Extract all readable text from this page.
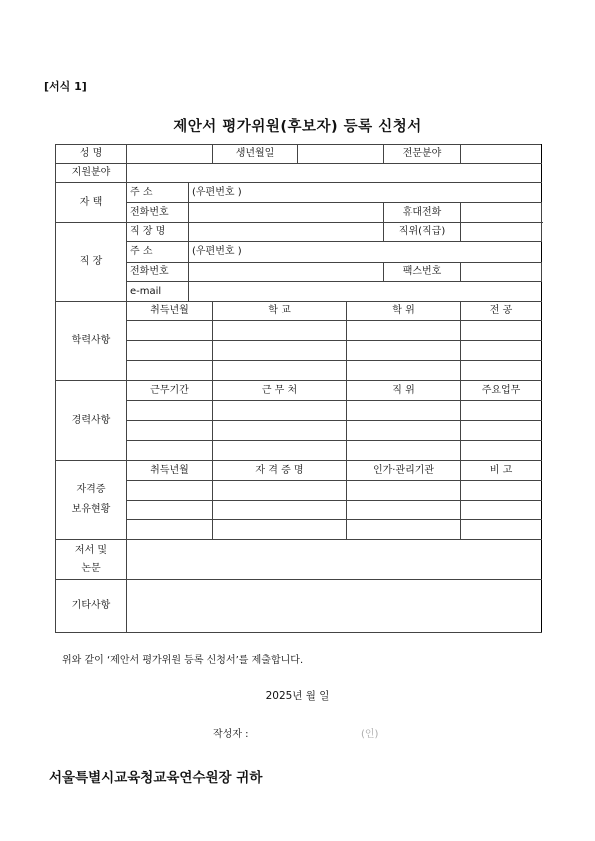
[서식 1]
제안서 평가위원(후보자) 등록 신청서
성 명			생년월일			전문분야	
지원분야							
자 택	주 소	(우편번호 )					
	전화번호					휴대전화	
직 장	직 장 명					직위(직급)	
	주 소	(우편번호 )					
	전화번호					팩스번호	
	e-mail						
학력사항	취득년월		학 교		학 위		전 공

경력사항	근무기간		근 무 처		직 위		주요업무

자격증
보유현황	취득년월		자 격 증 명		인가·관리기관		비 고

저서 및
논문							
기타사항							
위와 같이 ‘제안서 평가위원 등록 신청서’를 제출합니다.
2025년 월 일
작성자 :	(인)
서울특별시교육청교육연수원장 귀하
